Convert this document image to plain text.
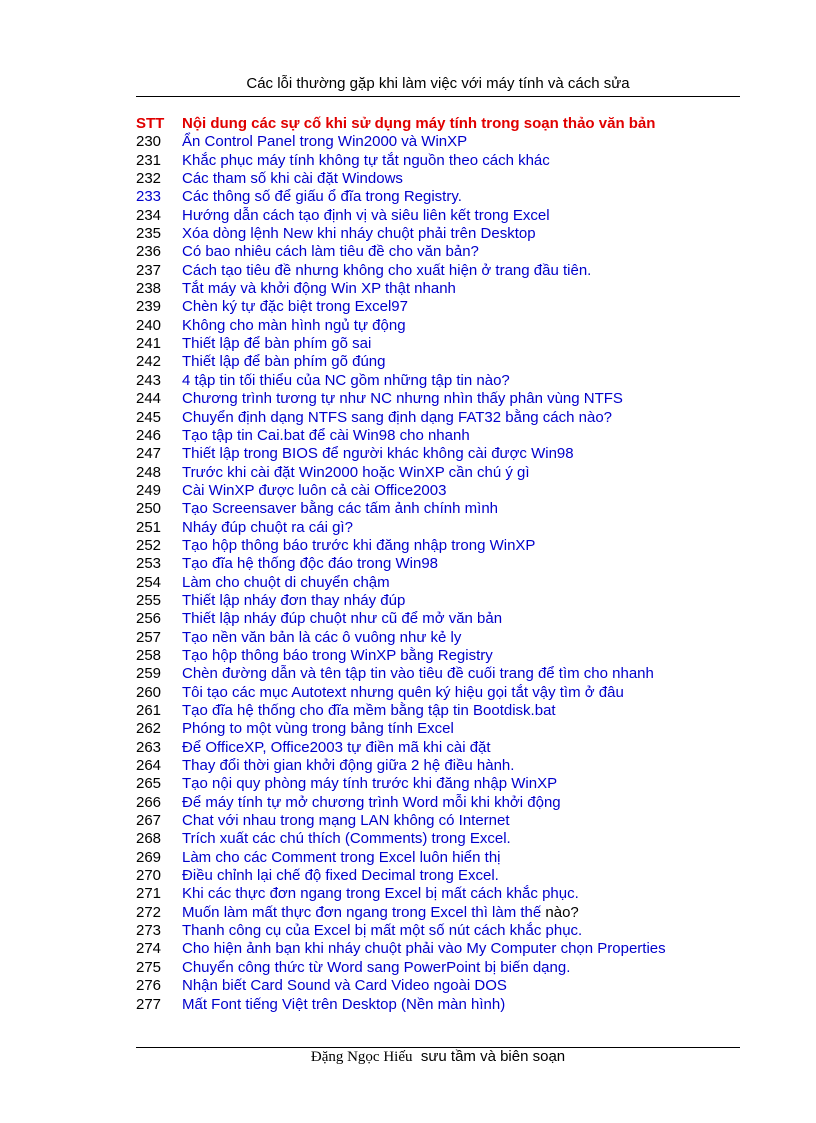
Các lỗi thường gặp khi làm việc với máy tính và cách sửa
STT	Nội dung các sự cố khi sử dụng máy tính trong soạn thảo văn bản
230	Ẩn Control Panel trong Win2000 và WinXP
231	Khắc phục máy tính không tự tắt nguồn theo cách khác
232	Các tham số khi cài đặt Windows
233	Các thông số để giấu ổ đĩa trong Registry.
234	Hướng dẫn cách tạo định vị và siêu liên kết trong Excel
235	Xóa dòng lệnh New khi nháy chuột phải trên Desktop
236	Có bao nhiêu cách làm tiêu đề cho văn bản?
237	Cách tạo tiêu đề nhưng không cho xuất hiện ở trang đầu tiên.
238	Tắt máy và khởi động Win XP thật nhanh
239	Chèn ký tự đặc biệt trong Excel97
240	Không cho màn hình ngủ tự động
241	Thiết lập để bàn phím gõ sai
242	Thiết lập để bàn phím gõ đúng
243	4 tập tin tối thiểu của NC gồm những tập tin nào?
244	Chương trình tương tự như NC nhưng nhìn thấy phân vùng NTFS
245	Chuyển định dạng NTFS sang định dạng FAT32 bằng cách nào?
246	Tạo tập tin Cai.bat để cài Win98 cho nhanh
247	Thiết lập trong BIOS để người khác không cài được Win98
248	Trước khi cài đặt Win2000 hoặc WinXP cần chú ý gì
249	Cài WinXP được luôn cả cài Office2003
250	Tạo Screensaver bằng các tấm ảnh chính mình
251	Nháy đúp chuột ra cái gì?
252	Tạo hộp thông báo trước khi đăng nhập trong WinXP
253	Tạo đĩa hệ thống độc đáo trong Win98
254	Làm cho chuột di chuyển chậm
255	Thiết lập nháy đơn thay nháy đúp
256	Thiết lập nháy đúp chuột như cũ để mở văn bản
257	Tạo nền văn bản là các ô vuông như kẻ ly
258	Tạo hộp thông báo trong WinXP bằng Registry
259	Chèn đường dẫn và tên tập tin vào tiêu đề cuối trang để tìm cho nhanh
260	Tôi tạo các mục Autotext nhưng quên ký hiệu gọi tắt vậy tìm ở đâu
261	Tạo đĩa hệ thống cho đĩa mềm bằng tập tin Bootdisk.bat
262	Phóng to một vùng trong bảng tính Excel
263	Để OfficeXP, Office2003 tự điền mã khi cài đặt
264	Thay đổi thời gian khởi động giữa 2 hệ điều hành.
265	Tạo nội quy phòng máy tính trước khi đăng nhập WinXP
266	Để máy tính tự mở chương trình Word mỗi khi khởi động
267	Chat với nhau trong mạng LAN không có Internet
268	Trích xuất các chú thích (Comments) trong Excel.
269	Làm cho các Comment trong Excel luôn hiển thị
270	Điều chỉnh lại chế độ fixed Decimal trong Excel.
271	Khi các thực đơn ngang trong Excel bị mất cách khắc phục.
272	Muốn làm mất thực đơn ngang trong Excel thì làm thế nào?
273	Thanh công cụ của Excel bị mất một số nút cách khắc phục.
274	Cho hiện ảnh bạn khi nháy chuột phải vào My Computer chọn Properties
275	Chuyển công thức từ Word sang PowerPoint bị biến dạng.
276	Nhận biết Card Sound và Card Video ngoài DOS
277	Mất Font tiếng Việt trên Desktop (Nền màn hình)
Đặng Ngọc Hiếu sưu tầm và biên soạn
